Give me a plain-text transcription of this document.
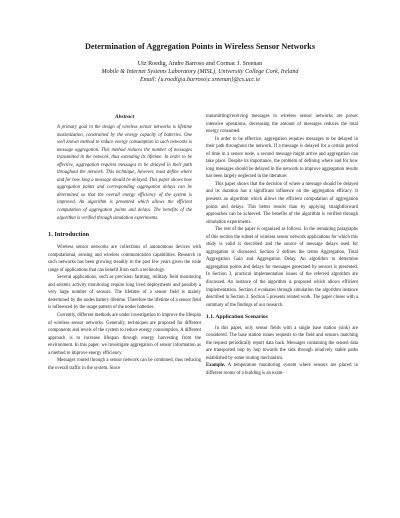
Determination of Aggregation Points in Wireless Sensor Networks
Utz Roedig, Andre Barroso and Cormac J. Sreenan
Mobile & Internet Systems Laboratory (MISL), University College Cork, Ireland
Email: {u.roedig|a.barroso|c.sreenan}@cs.ucc.ie
Abstract
A primary goal in the design of wireless sensor networks is lifetime maximization, constrained by the energy capacity of batteries. One well known method to reduce energy consumption in such networks is message aggregation. This method reduces the number of messages transmitted in the network, thus extending its lifetime. In order to be effective, aggregation requires messages to be delayed in their path throughout the network. This technique, however, must define where and for how long a message should be delayed. This paper shows how aggregation points and corresponding aggregation delays can be determined so that the overall energy efficiency of the system is improved. An algorithm is presented which allows the efficient computation of aggregation points and delays. The benefits of the algorithm is verified through simulation experiments.
1. Introduction

Wireless sensor networks are collections of autonomous devices with computational, sensing and wireless communication capabilities. Research in such networks has been growing steadily in the past few years given the wide range of applications that can benefit from such a technology.

Several applications, such as precision farming, military field monitoring and seismic activity monitoring require long lived deployments and possibly a very large number of sensors. The lifetime of a sensor field is mainly determined by the nodes battery lifetime. Therefore the lifetime of a sensor field is influenced by the usage pattern of the nodes batteries.

Currently, different methods are under investigation to improve the lifespan of wireless sensor networks. Generally, techniques are proposed for different components and levels of the system to reduce energy consumption. A different approach is to increase lifespan through energy harvesting from the environment. In this paper, we investigate aggregation of sensor information as a method to improve energy efficiency.

Messages routed through a sensor network can be combined, thus reducing the overall traffic in the system. Since

transmitting/receiving messages in wireless sensor networks are power intensive operations, decreasing the amount of messages reduces the total energy consumed.

In order to be effective, aggregation requires messages to be delayed in their path throughout the network. If a message is delayed for a certain period of time in a sensor node, a second message might arrive and aggregation can take place. Despite its importance, the problem of defining where and for how long messages should be delayed in the network to improve aggregation results has been largely neglected in the literature.

This paper shows that the decision of where a message should be delayed and its duration has a significant influence on the aggregation efficacy. It presents an algorithm which allows the efficient computation of aggregation points and delays. This better results than by applying straightforward approaches can be achieved. The benefits of the algorithm is verified through simulation experiments.

The rest of the paper is organized as follows. In the remaining paragraphs of this section the subset of wireless sensor network applications for which this study is valid is described and the source of message delays used for aggregation is discussed. Section 2 defines the terms Aggregation, Total Aggregation Gain and Aggregation Delay. An algorithm to determine aggregation points and delays for messages generated by sensors is presented. In Section 3, practical implementation issues of the referred algorithm are discussed. An instance of the algorithm is proposed which allows efficient implementation. Section 4 evaluates through simulation the algorithm instance described in Section 3. Section 5 presents related work. The paper closes with a summary of the findings of our research.

1.1. Application Scenarios

In this paper, only sensor fields with a single base station (sink) are considered. The base station issues requests to the field and sensors matching the request periodically report data back. Messages containing the sensed data are transported hop by hop towards the sink through relatively stable paths established by some routing mechanism.

Example. A temperature monitoring system where sensors are placed in different rooms of a building is an exam-
